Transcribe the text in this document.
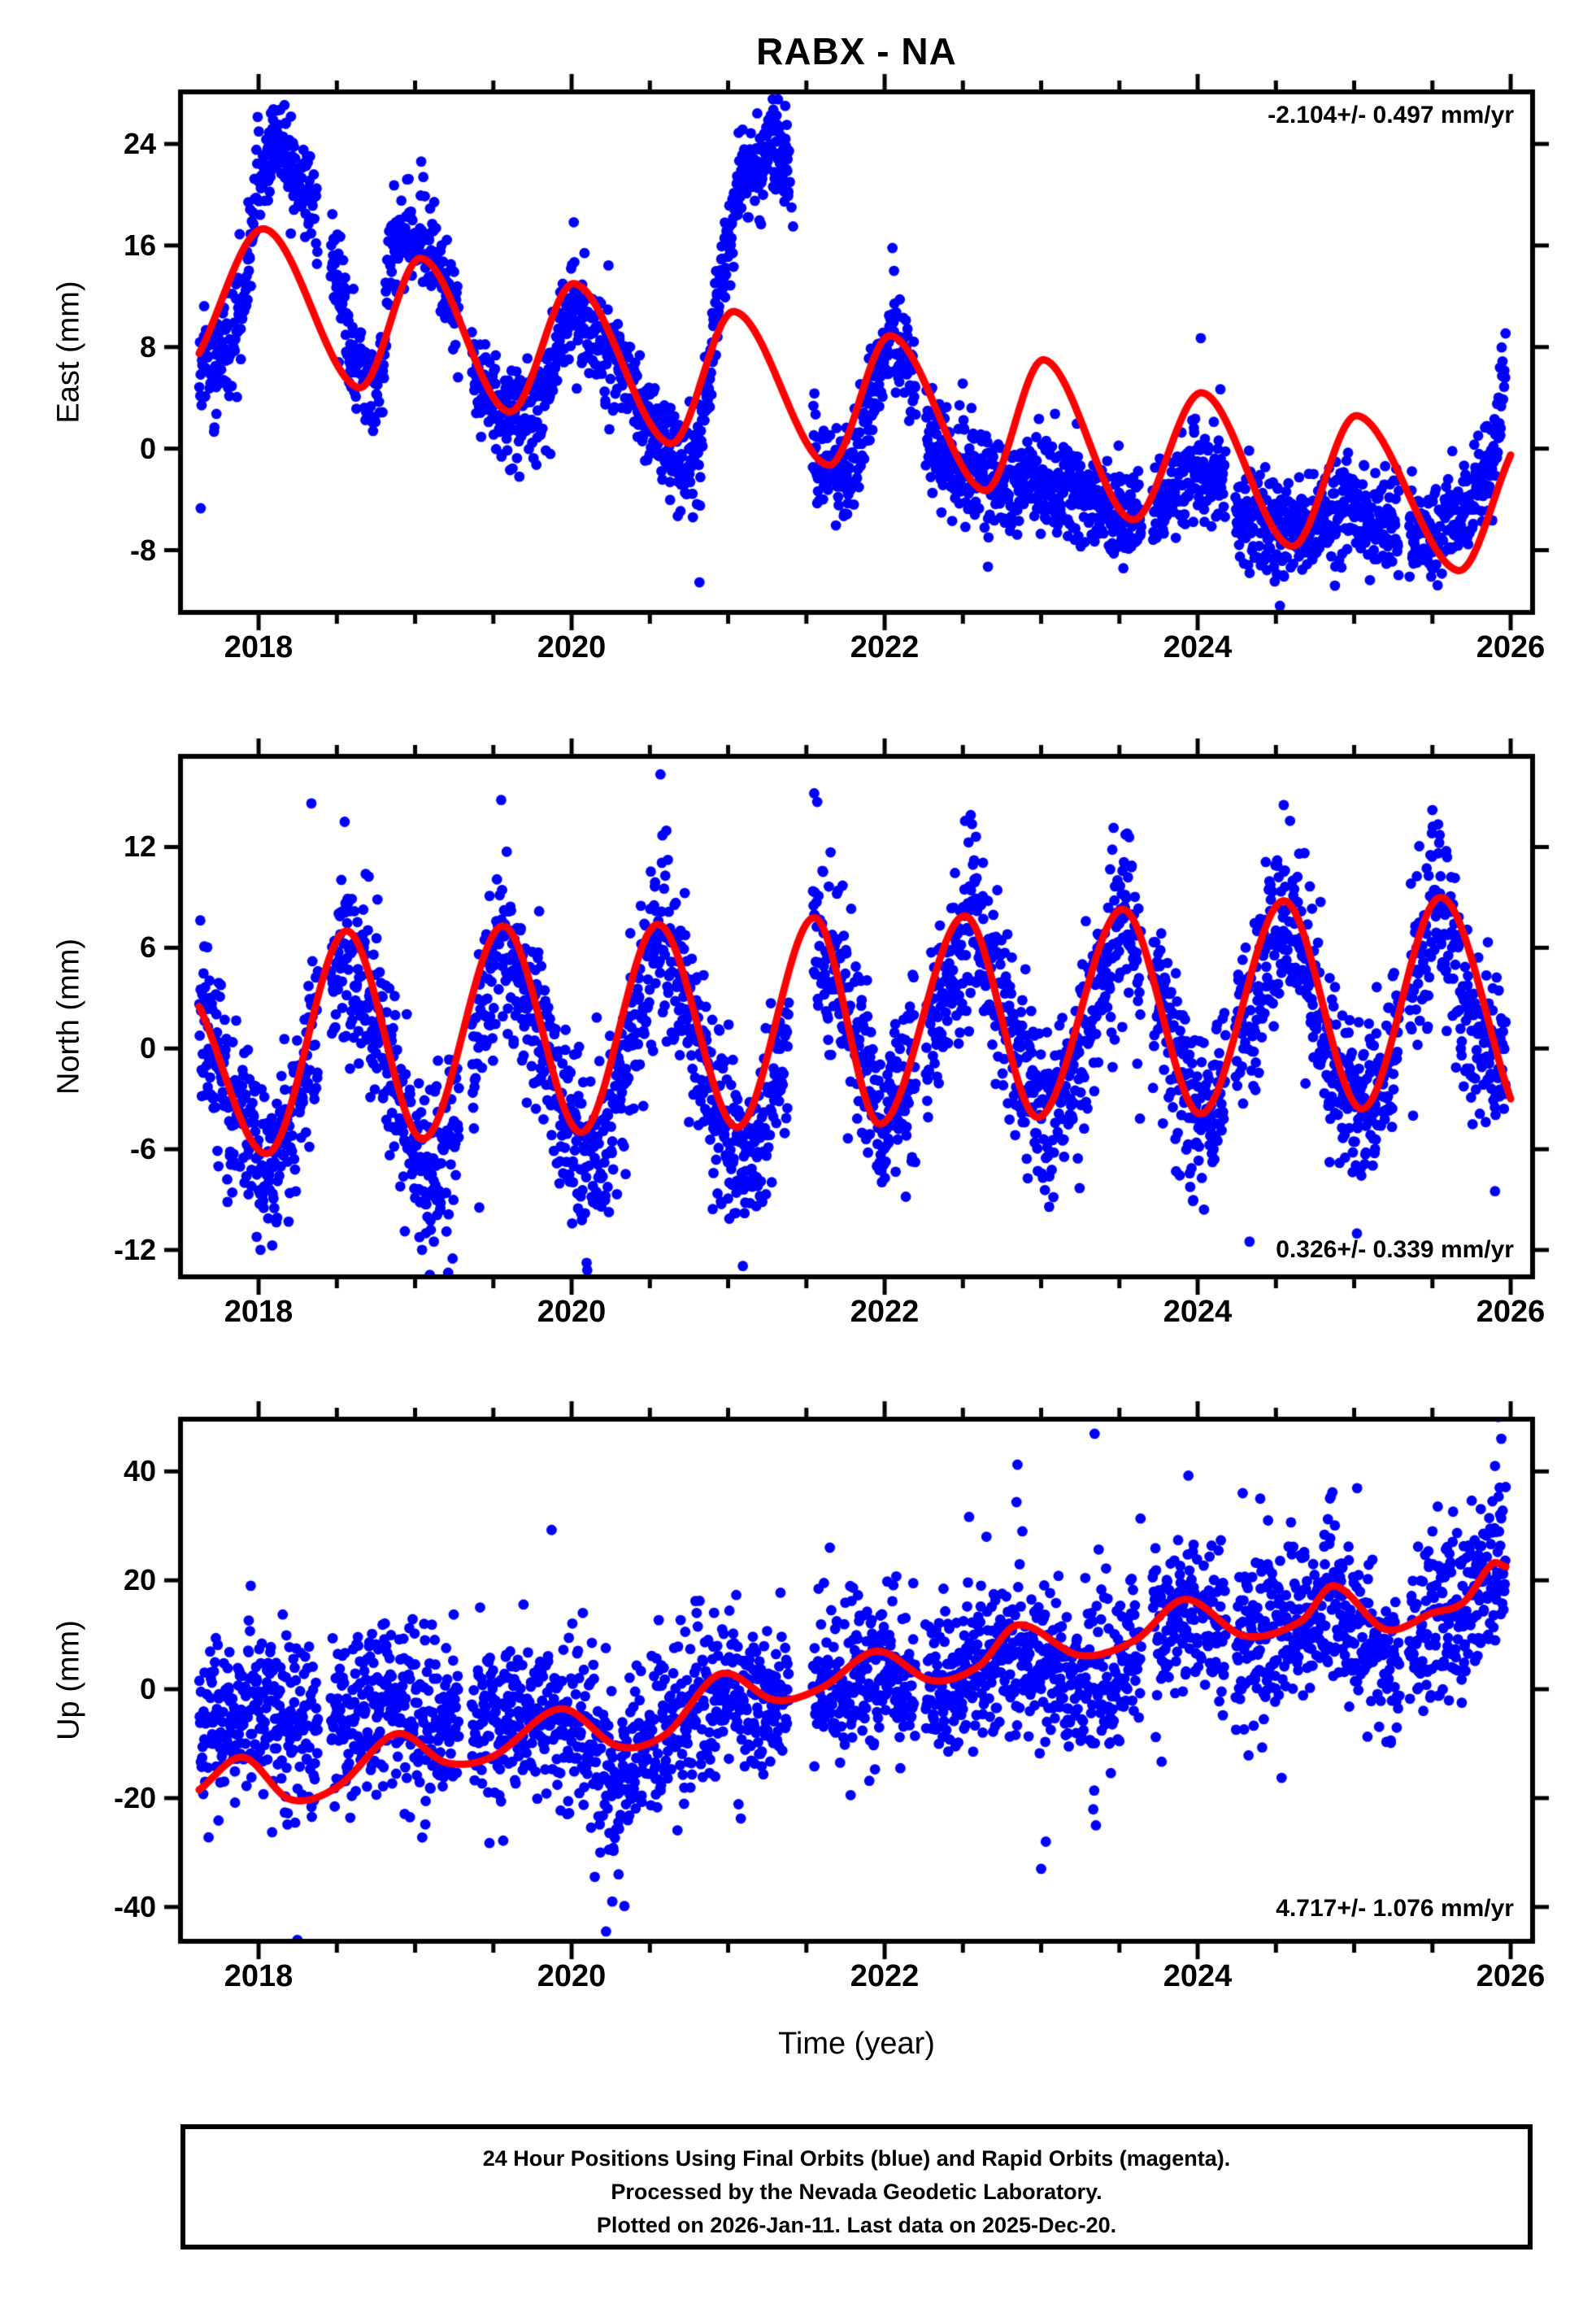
RABX - NA
East (mm)
North (mm)
Up (mm)
-2.104+/- 0.497 mm/yr
0.326+/- 0.339 mm/yr
4.717+/- 1.076 mm/yr
-8
0
8
16
24
2018	2020	2022	2024	2026
-12
-6
0
6
12
2018	2020	2022	2024	2026
-40
-20
0
20
40
2018	2020	2022	2024	2026
Time (year)
24 Hour Positions Using Final Orbits (blue) and Rapid Orbits (magenta).
Processed by the Nevada Geodetic Laboratory.
Plotted on 2026-Jan-11. Last data on 2025-Dec-20.
